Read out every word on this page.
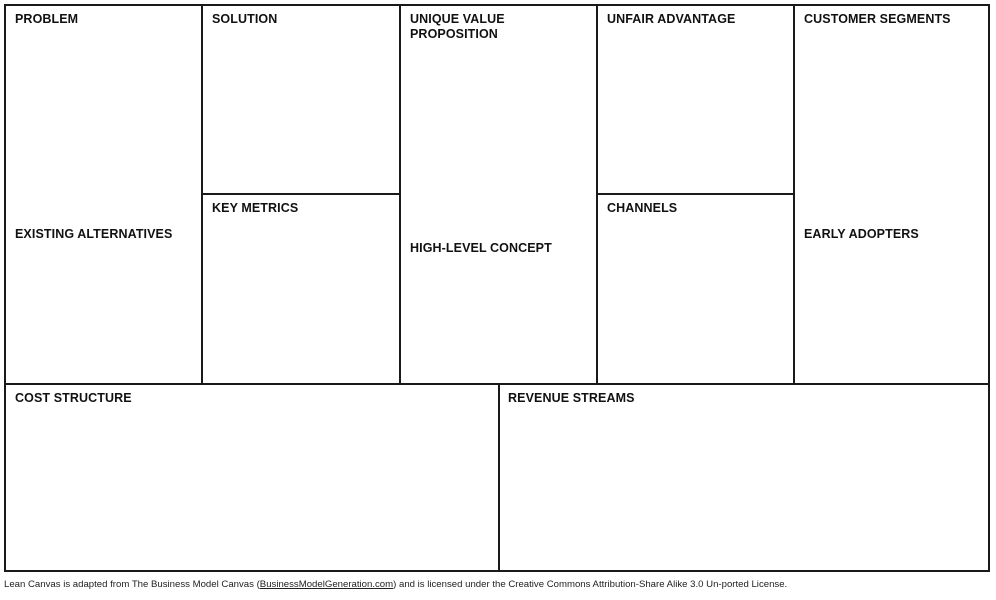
PROBLEM
EXISTING ALTERNATIVES
SOLUTION
KEY METRICS
UNIQUE VALUE
PROPOSITION
HIGH-LEVEL CONCEPT
UNFAIR ADVANTAGE
CHANNELS
CUSTOMER SEGMENTS
EARLY ADOPTERS
COST STRUCTURE	REVENUE STREAMS
Lean Canvas is adapted from The Business Model Canvas (BusinessModelGeneration.com) and is licensed under the Creative Commons Attribution-Share Alike 3.0 Un-ported License.
